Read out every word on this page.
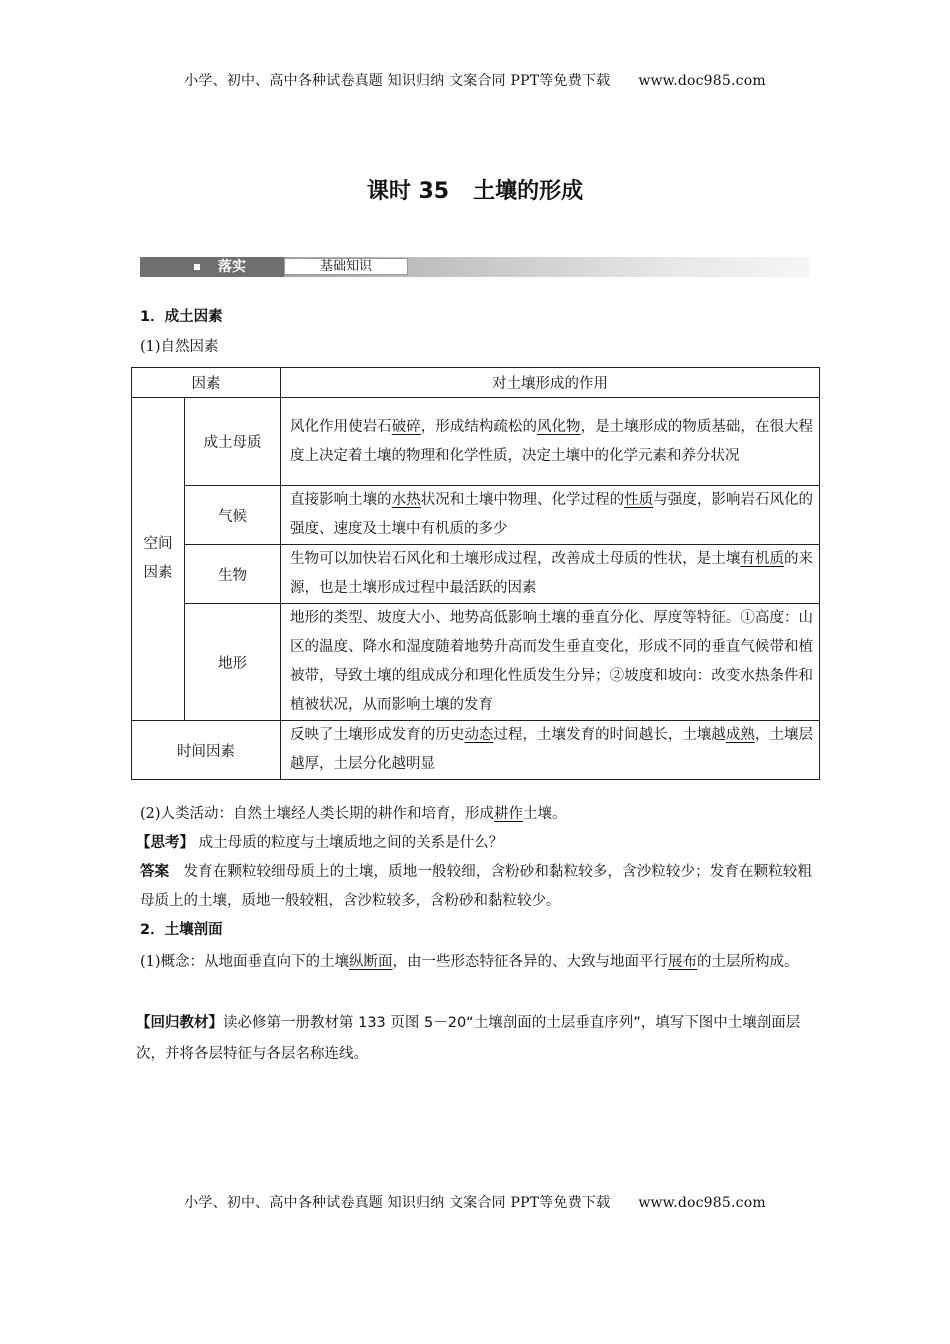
小学、初中、高中各种试卷真题 知识归纳 文案合同 PPT等免费下载 www.doc985.com
课时 35 土壤的形成
落实	基础知识
1．成土因素
(1)自然因素
因素		对土壤形成的作用
空间因素	成土母质	风化作用使岩石破碎，形成结构疏松的风化物，是土壤形成的物质基础，在很大程度上决定着土壤的物理和化学性质，决定土壤中的化学元素和养分状况
	气候	直接影响土壤的水热状况和土壤中物理、化学过程的性质与强度，影响岩石风化的强度、速度及土壤中有机质的多少
	生物	生物可以加快岩石风化和土壤形成过程，改善成土母质的性状，是土壤有机质的来源，也是土壤形成过程中最活跃的因素
	地形	地形的类型、坡度大小、地势高低影响土壤的垂直分化、厚度等特征。①高度：山区的温度、降水和湿度随着地势升高而发生垂直变化，形成不同的垂直气候带和植被带，导致土壤的组成成分和理化性质发生分异；②坡度和坡向：改变水热条件和植被状况，从而影响土壤的发育
时间因素		反映了土壤形成发育的历史动态过程，土壤发育的时间越长，土壤越成熟，土壤层越厚，土层分化越明显
(2)人类活动：自然土壤经人类长期的耕作和培育，形成耕作土壤。
【思考】 成土母质的粒度与土壤质地之间的关系是什么？
答案 发育在颗粒较细母质上的土壤，质地一般较细，含粉砂和黏粒较多，含沙粒较少；发育在颗粒较粗母质上的土壤，质地一般较粗，含沙粒较多，含粉砂和黏粒较少。
2．土壤剖面
(1)概念：从地面垂直向下的土壤纵断面，由一些形态特征各异的、大致与地面平行展布的土层所构成。
【回归教材】读必修第一册教材第 133 页图 5－20“土壤剖面的土层垂直序列”，填写下图中土壤剖面层次，并将各层特征与各层名称连线。
小学、初中、高中各种试卷真题 知识归纳 文案合同 PPT等免费下载 www.doc985.com
